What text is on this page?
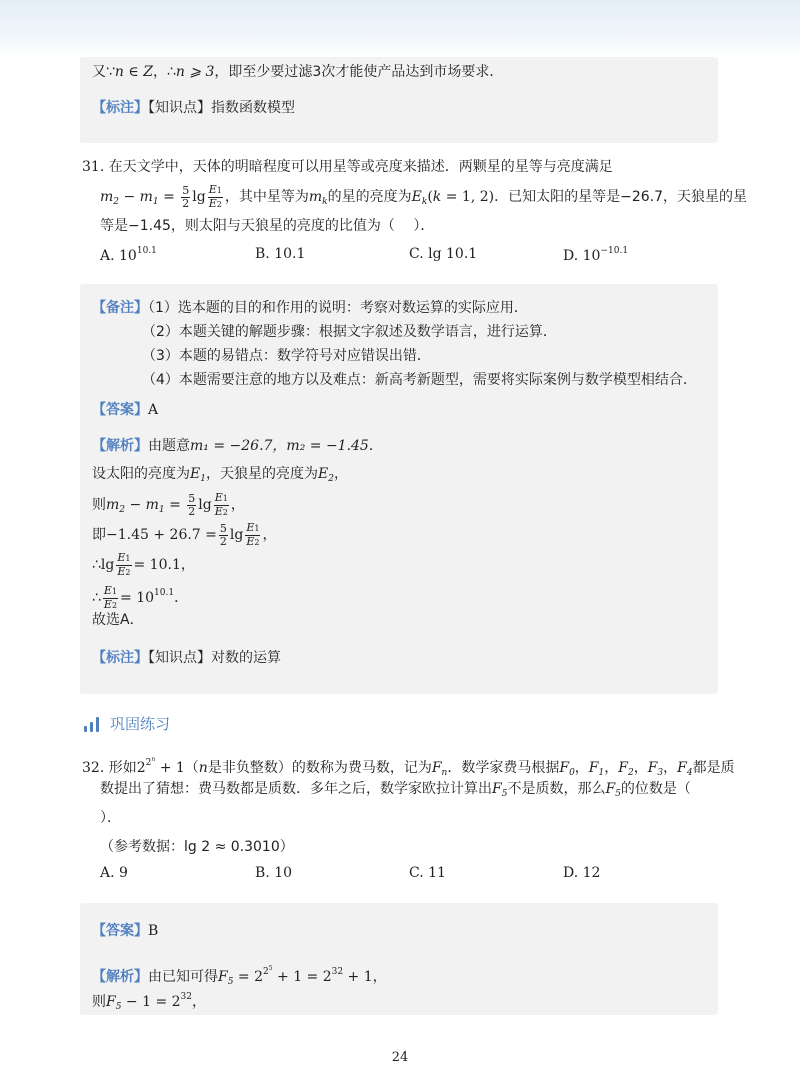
又∵n ∈ Z，∴n ⩾ 3，即至少要过滤3次才能使产品达到市场要求．
【标注】【知识点】指数函数模型
31. 在天文学中，天体的明暗程度可以用星等或亮度来描述．两颗星的星等与亮度满足
$m_2 - m_1 = \frac{5}{2}$ $\lg \frac{E1}{E2}$ ，其中星等为$m_k$的星的亮度为$E_k(k = 1$, 2)．已知太阳的星等是−26.7，天狼星的星
等是−1.45，则太阳与天狼星的亮度的比值为（　 ）．
A. $10^{10.1}$	B. 10.1	C. lg 10.1	D. $10^{-10.1}$
【备注】（1）选本题的目的和作用的说明：考察对数运算的实际应用．
（2）本题关键的解题步骤：根据文字叙述及数学语言，进行运算．
（3）本题的易错点：数学符号对应错误出错．
（4）本题需要注意的地方以及难点：新高考新题型，需要将实际案例与数学模型相结合.
【答案】A
【解析】由题意m₁ = −26.7，m₂ = −1.45．
设太阳的亮度为$E_1$，天狼星的亮度为$E_2$，
则$m_2 - m_1 = \frac{5}{2}$ $\lg \frac{E1}{E2}$ ，
即$-1.45 + 26.7 = \frac{5}{2}$ $\lg \frac{E1}{E2}$ ，
∴lg $\frac{E1}{E2} = 10.1$，
∴ $\frac{E1}{E2} = 10^{10.1}$．
故选A．
【标注】【知识点】对数的运算
巩固练习
32. 形如$2^{2^n} + 1(n$是非负整数）的数称为费马数，记为$F_n$．数学家费马根据$F_0$，$F_1$，$F_2$，$F_3$，$F_4$都是质
数提出了猜想：费马数都是质数．多年之后，数学家欧拉计算出$F_5$不是质数，那么$F_5$的位数是（
）．
（参考数据：lg 2 ≈ 0.3010）
A. 9	B. 10	C. 11	D. 12
【答案】B
【解析】由已知可得$F_5 = 2^{2^5} + 1 = 2^{32} + 1$，
则$F_5 - 1 = 2^{32}$，
24
